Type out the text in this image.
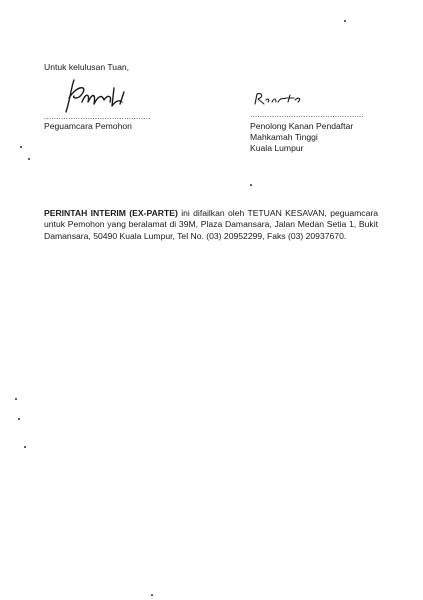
Untuk kelulusan Tuan,
............................................
Peguamcara Pemohon
...............................................
Penolong Kanan Pendaftar
Mahkamah Tinggi
Kuala Lumpur
PERINTAH INTERIM (EX-PARTE) ini difailkan oleh TETUAN KESAVAN, peguamcara untuk Pemohon yang beralamat di 39M, Plaza Damansara, Jalan Medan Setia 1, Bukit Damansara, 50490 Kuala Lumpur, Tel No. (03) 20952299, Faks (03) 20937670.
